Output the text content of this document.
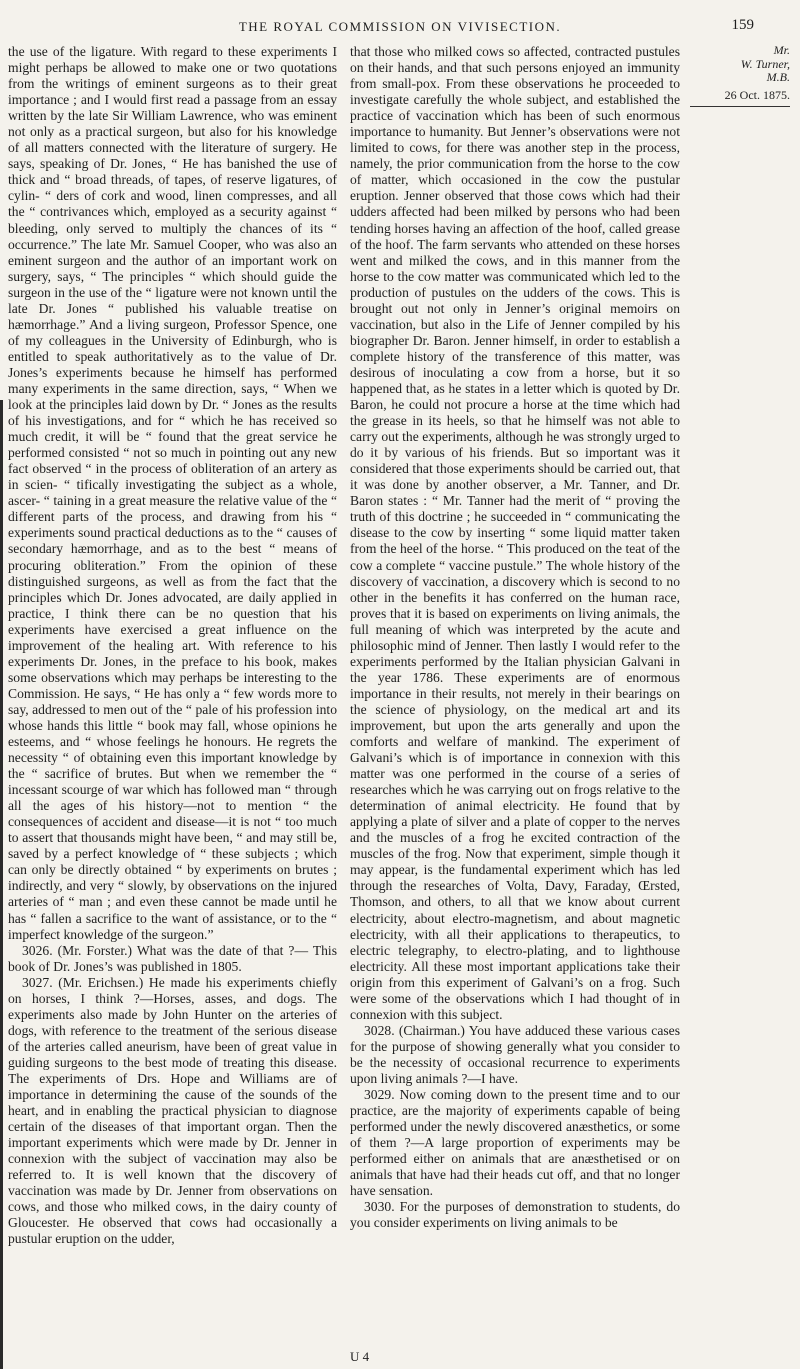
THE ROYAL COMMISSION ON VIVISECTION.	159

the use of the ligature. With regard to these experiments I might perhaps be allowed to make one or two quotations from the writings of eminent surgeons as to their great importance ; and I would first read a passage from an essay written by the late Sir William Lawrence, who was eminent not only as a practical surgeon, but also for his knowledge of all matters connected with the literature of surgery. He says, speaking of Dr. Jones, “ He has banished the use of thick and “ broad threads, of tapes, of reserve ligatures, of cylin- “ ders of cork and wood, linen compresses, and all the “ contrivances which, employed as a security against “ bleeding, only served to multiply the chances of its “ occurrence.” The late Mr. Samuel Cooper, who was also an eminent surgeon and the author of an important work on surgery, says, “ The principles “ which should guide the surgeon in the use of the “ ligature were not known until the late Dr. Jones “ published his valuable treatise on hæmorrhage.” And a living surgeon, Professor Spence, one of my colleagues in the University of Edinburgh, who is entitled to speak authoritatively as to the value of Dr. Jones’s experiments because he himself has performed many experiments in the same direction, says, “ When we look at the principles laid down by Dr. “ Jones as the results of his investigations, and for “ which he has received so much credit, it will be “ found that the great service he performed consisted “ not so much in pointing out any new fact observed “ in the process of obliteration of an artery as in scien- “ tifically investigating the subject as a whole, ascer- “ taining in a great measure the relative value of the “ different parts of the process, and drawing from his “ experiments sound practical deductions as to the “ causes of secondary hæmorrhage, and as to the best “ means of procuring obliteration.” From the opinion of these distinguished surgeons, as well as from the fact that the principles which Dr. Jones advocated, are daily applied in practice, I think there can be no question that his experiments have exercised a great influence on the improvement of the healing art. With reference to his experiments Dr. Jones, in the preface to his book, makes some observations which may perhaps be interesting to the Commission. He says, “ He has only a “ few words more to say, addressed to men out of the “ pale of his profession into whose hands this little “ book may fall, whose opinions he esteems, and “ whose feelings he honours. He regrets the necessity “ of obtaining even this important knowledge by the “ sacrifice of brutes. But when we remember the “ incessant scourge of war which has followed man “ through all the ages of his history—not to mention “ the consequences of accident and disease—it is not “ too much to assert that thousands might have been, “ and may still be, saved by a perfect knowledge of “ these subjects ; which can only be directly obtained “ by experiments on brutes ; indirectly, and very “ slowly, by observations on the injured arteries of “ man ; and even these cannot be made until he has “ fallen a sacrifice to the want of assistance, or to the “ imperfect knowledge of the surgeon.”

3026. (Mr. Forster.) What was the date of that ?— This book of Dr. Jones’s was published in 1805.

3027. (Mr. Erichsen.) He made his experiments chiefly on horses, I think ?—Horses, asses, and dogs. The experiments also made by John Hunter on the arteries of dogs, with reference to the treatment of the serious disease of the arteries called aneurism, have been of great value in guiding surgeons to the best mode of treating this disease. The experiments of Drs. Hope and Williams are of importance in determining the cause of the sounds of the heart, and in enabling the practical physician to diagnose certain of the diseases of that important organ. Then the important experiments which were made by Dr. Jenner in connexion with the subject of vaccination may also be referred to. It is well known that the discovery of vaccination was made by Dr. Jenner from observations on cows, and those who milked cows, in the dairy county of Gloucester. He observed that cows had occasionally a pustular eruption on the udder,

that those who milked cows so affected, contracted pustules on their hands, and that such persons enjoyed an immunity from small-pox. From these observations he proceeded to investigate carefully the whole subject, and established the practice of vaccination which has been of such enormous importance to humanity. But Jenner’s observations were not limited to cows, for there was another step in the process, namely, the prior communication from the horse to the cow of matter, which occasioned in the cow the pustular eruption. Jenner observed that those cows which had their udders affected had been milked by persons who had been tending horses having an affection of the hoof, called grease of the hoof. The farm servants who attended on these horses went and milked the cows, and in this manner from the horse to the cow matter was communicated which led to the production of pustules on the udders of the cows. This is brought out not only in Jenner’s original memoirs on vaccination, but also in the Life of Jenner compiled by his biographer Dr. Baron. Jenner himself, in order to establish a complete history of the transference of this matter, was desirous of inoculating a cow from a horse, but it so happened that, as he states in a letter which is quoted by Dr. Baron, he could not procure a horse at the time which had the grease in its heels, so that he himself was not able to carry out the experiments, although he was strongly urged to do it by various of his friends. But so important was it considered that those experiments should be carried out, that it was done by another observer, a Mr. Tanner, and Dr. Baron states : “ Mr. Tanner had the merit of “ proving the truth of this doctrine ; he succeeded in “ communicating the disease to the cow by inserting “ some liquid matter taken from the heel of the horse. “ This produced on the teat of the cow a complete “ vaccine pustule.” The whole history of the discovery of vaccination, a discovery which is second to no other in the benefits it has conferred on the human race, proves that it is based on experiments on living animals, the full meaning of which was interpreted by the acute and philosophic mind of Jenner. Then lastly I would refer to the experiments performed by the Italian physician Galvani in the year 1786. These experiments are of enormous importance in their results, not merely in their bearings on the science of physiology, on the medical art and its improvement, but upon the arts generally and upon the comforts and welfare of mankind. The experiment of Galvani’s which is of importance in connexion with this matter was one performed in the course of a series of researches which he was carrying out on frogs relative to the determination of animal electricity. He found that by applying a plate of silver and a plate of copper to the nerves and the muscles of a frog he excited contraction of the muscles of the frog. Now that experiment, simple though it may appear, is the fundamental experiment which has led through the researches of Volta, Davy, Faraday, Œrsted, Thomson, and others, to all that we know about current electricity, about electro-magnetism, and about magnetic electricity, with all their applications to therapeutics, to electric telegraphy, to electro-plating, and to lighthouse electricity. All these most important applications take their origin from this experiment of Galvani’s on a frog. Such were some of the observations which I had thought of in connexion with this subject.

3028. (Chairman.) You have adduced these various cases for the purpose of showing generally what you consider to be the necessity of occasional recurrence to experiments upon living animals ?—I have.

3029. Now coming down to the present time and to our practice, are the majority of experiments capable of being performed under the newly discovered anæsthetics, or some of them ?—A large proportion of experiments may be performed either on animals that are anæsthetised or on animals that have had their heads cut off, and that no longer have sensation.

3030. For the purposes of demonstration to students, do you consider experiments on living animals to be

Mr.
W. Turner,
M.B.
26 Oct. 1875.
U 4
